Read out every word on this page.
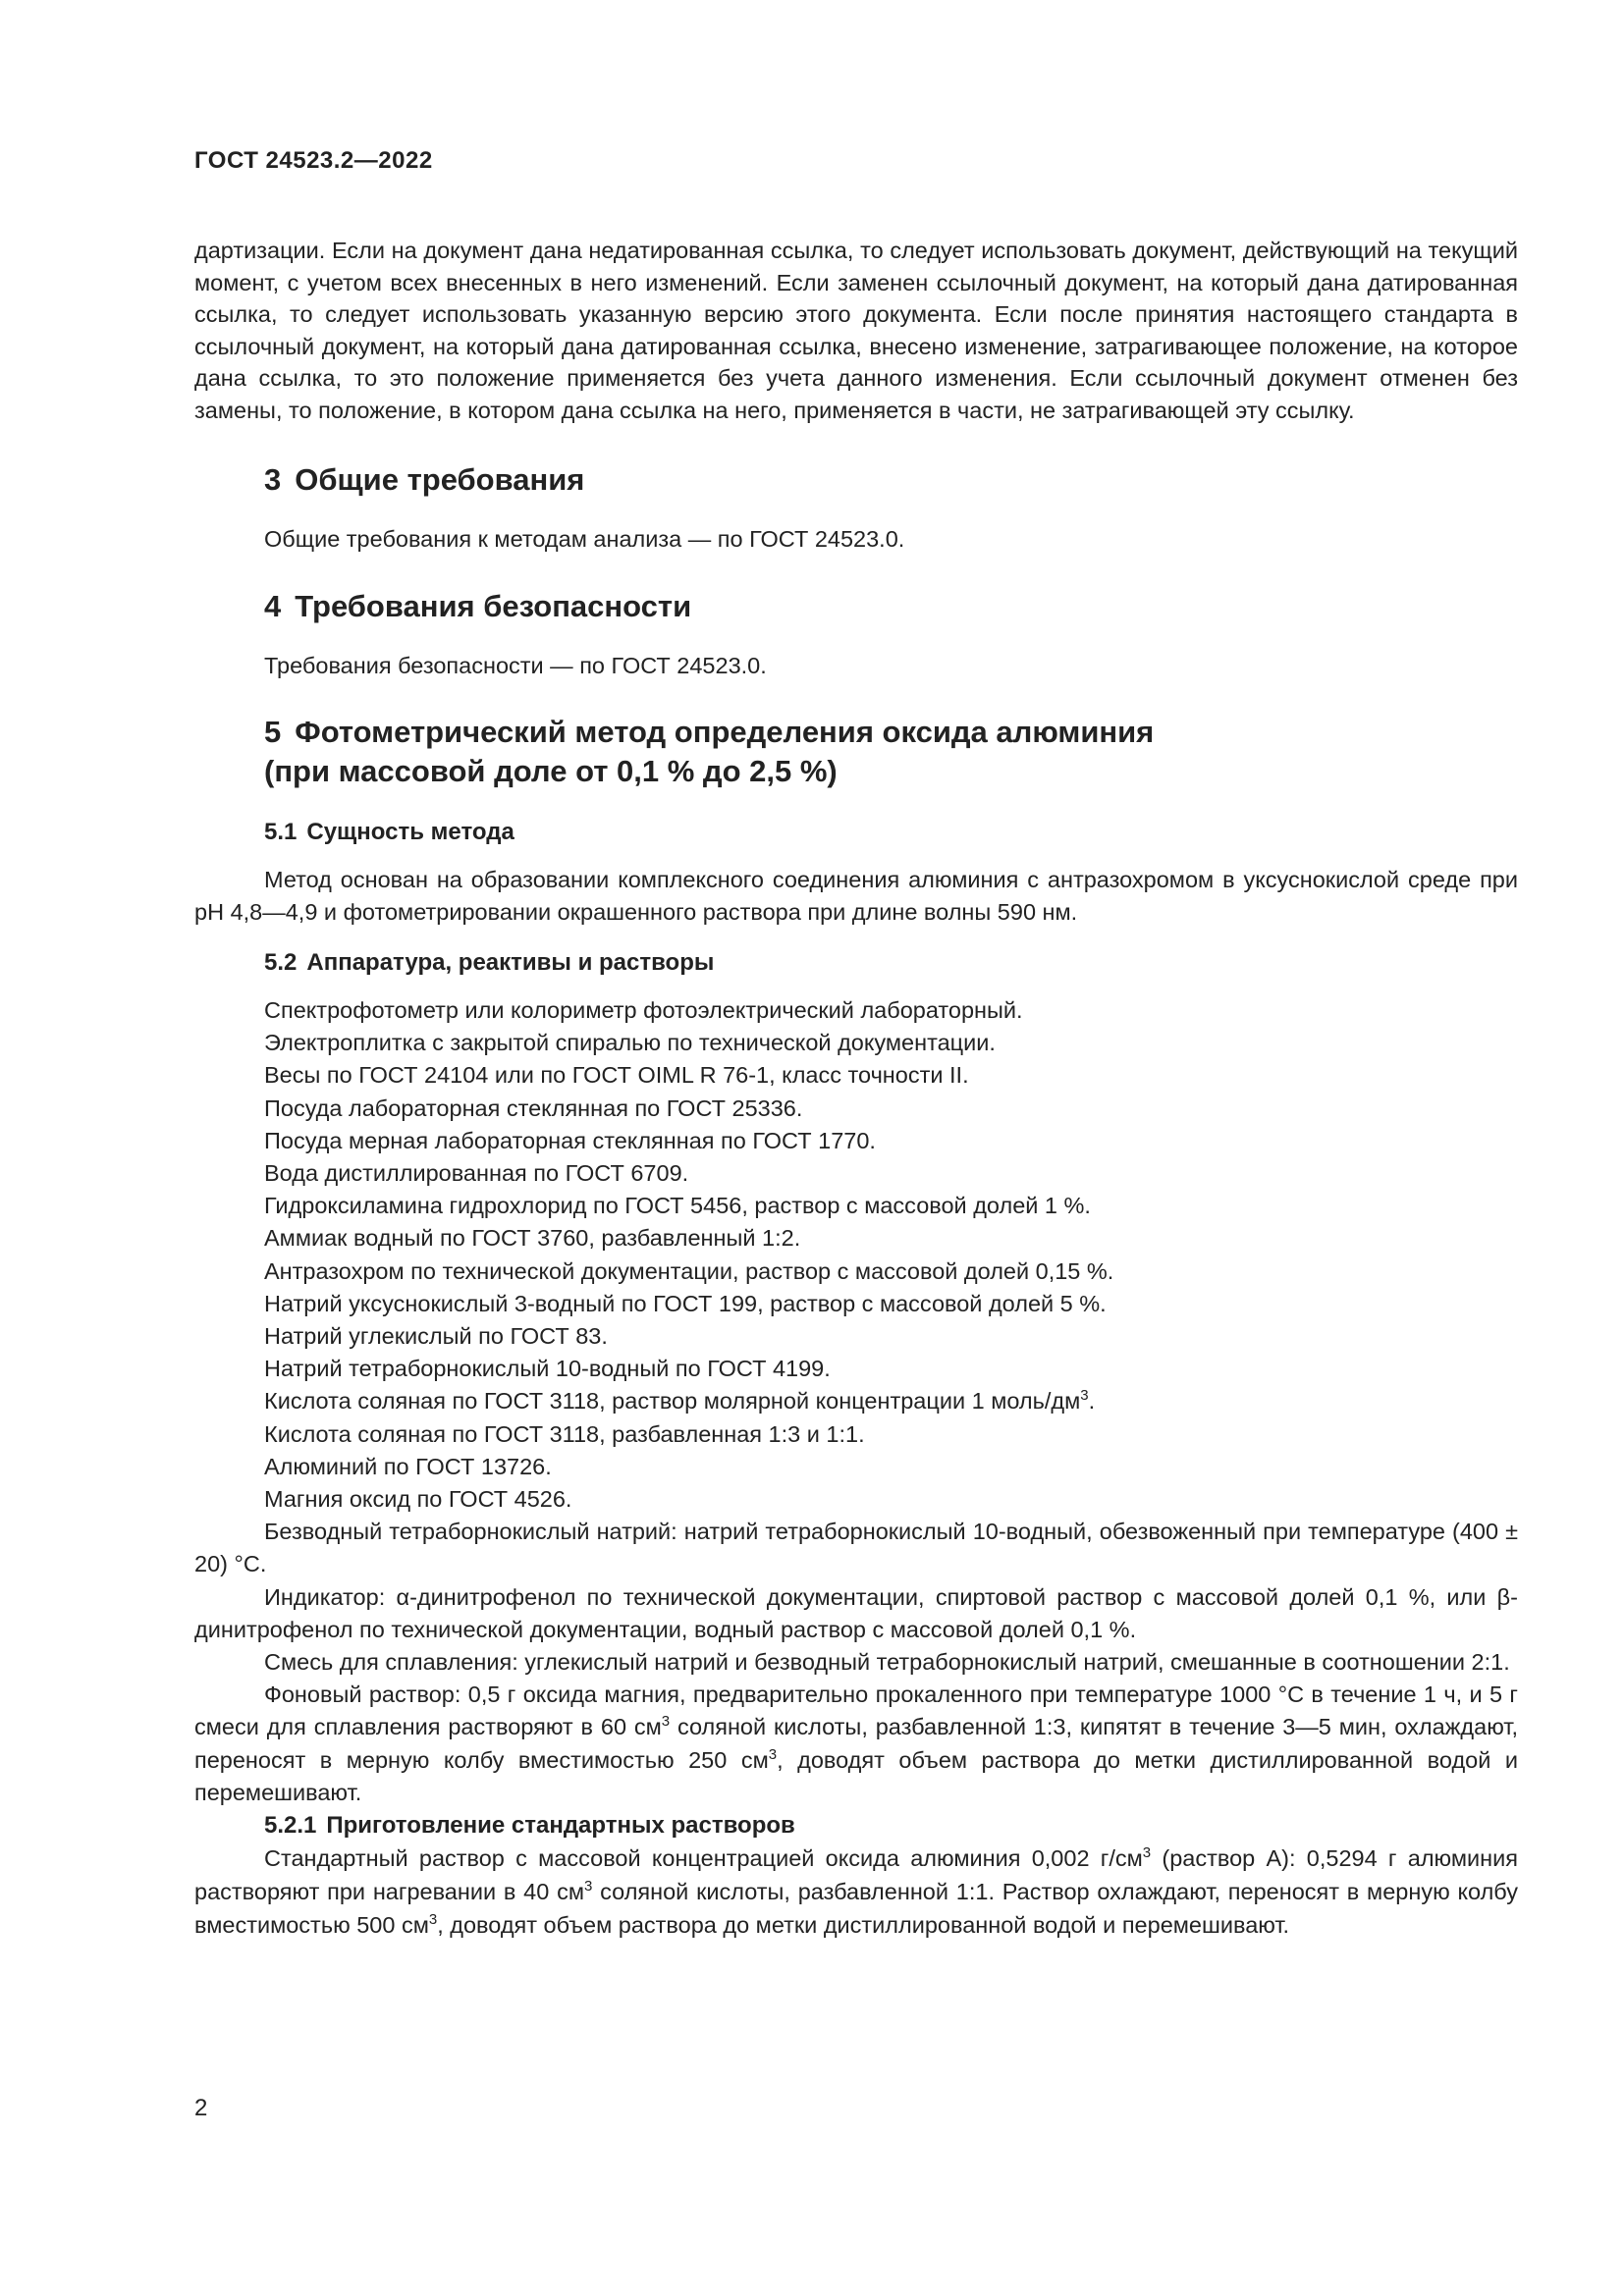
ГОСТ 24523.2—2022

дартизации. Если на документ дана недатированная ссылка, то следует использовать документ, действующий на текущий момент, с учетом всех внесенных в него изменений. Если заменен ссылочный документ, на который дана датированная ссылка, то следует использовать указанную версию этого документа. Если после принятия настоящего стандарта в ссылочный документ, на который дана датированная ссылка, внесено изменение, затрагивающее положение, на которое дана ссылка, то это положение применяется без учета данного изменения. Если ссылочный документ отменен без замены, то положение, в котором дана ссылка на него, применяется в части, не затрагивающей эту ссылку.

3 Общие требования

Общие требования к методам анализа — по ГОСТ 24523.0.

4 Требования безопасности

Требования безопасности — по ГОСТ 24523.0.

5 Фотометрический метод определения оксида алюминия
(при массовой доле от 0,1 % до 2,5 %)
5.1 Сущность метода

Метод основан на образовании комплексного соединения алюминия с антразохромом в уксуснокислой среде при pH 4,8—4,9 и фотометрировании окрашенного раствора при длине волны 590 нм.

5.2 Аппаратура, реактивы и растворы
Спектрофотометр или колориметр фотоэлектрический лабораторный.
Электроплитка с закрытой спиралью по технической документации.
Весы по ГОСТ 24104 или по ГОСТ OIML R 76-1, класс точности II.
Посуда лабораторная стеклянная по ГОСТ 25336.
Посуда мерная лабораторная стеклянная по ГОСТ 1770.
Вода дистиллированная по ГОСТ 6709.
Гидроксиламина гидрохлорид по ГОСТ 5456, раствор с массовой долей 1 %.
Аммиак водный по ГОСТ 3760, разбавленный 1:2.
Антразохром по технической документации, раствор с массовой долей 0,15 %.
Натрий уксуснокислый 3-водный по ГОСТ 199, раствор с массовой долей 5 %.
Натрий углекислый по ГОСТ 83.
Натрий тетраборнокислый 10-водный по ГОСТ 4199.
Кислота соляная по ГОСТ 3118, раствор молярной концентрации 1 моль/$дм^3$.
Кислота соляная по ГОСТ 3118, разбавленная 1:3 и 1:1.
Алюминий по ГОСТ 13726.
Магния оксид по ГОСТ 4526.

Безводный тетраборнокислый натрий: натрий тетраборнокислый 10-водный, обезвоженный при температуре (400 ± 20) °С.

Индикатор: α-динитрофенол по технической документации, спиртовой раствор с массовой долей 0,1 %, или β-динитрофенол по технической документации, водный раствор с массовой долей 0,1 %.

Смесь для сплавления: углекислый натрий и безводный тетраборнокислый натрий, смешанные в соотношении 2:1.

Фоновый раствор: 0,5 г оксида магния, предварительно прокаленного при температуре 1000 °С в течение 1 ч, и 5 г смеси для сплавления растворяют в 60 $см^3$ соляной кислоты, разбавленной 1:3, кипятят в течение 3—5 мин, охлаждают, переносят в мерную колбу вместимостью 250 $см^3$, доводят объем раствора до метки дистиллированной водой и перемешивают.

5.2.1 Приготовление стандартных растворов

Стандартный раствор с массовой концентрацией оксида алюминия 0,002 $г/см^3$ (раствор А): 0,5294 г алюминия растворяют при нагревании в 40 $см^3$ соляной кислоты, разбавленной 1:1. Раствор охлаждают, переносят в мерную колбу вместимостью 500 $см^3$, доводят объем раствора до метки дистиллированной водой и перемешивают.

2
